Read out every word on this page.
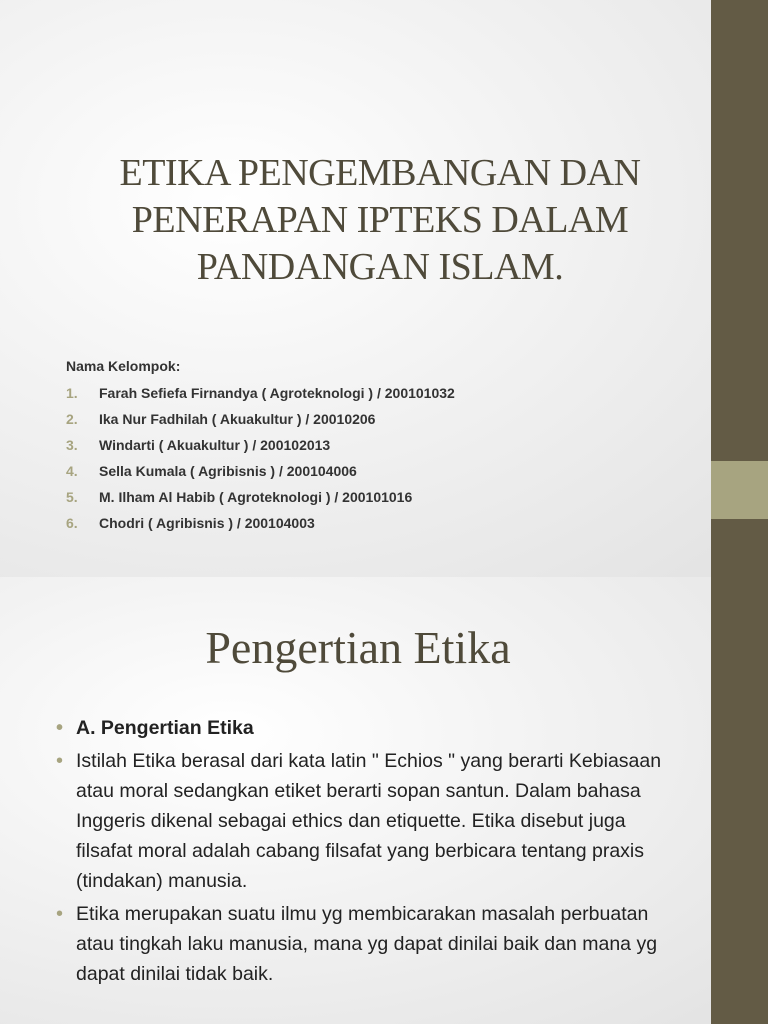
ETIKA PENGEMBANGAN DAN
PENERAPAN IPTEKS DALAM
PANDANGAN ISLAM.
Nama Kelompok:
1. Farah Sefiefa Firnandya ( Agroteknologi ) / 200101032
2. Ika Nur Fadhilah ( Akuakultur ) / 20010206
3. Windarti ( Akuakultur ) / 200102013
4. Sella Kumala ( Agribisnis ) / 200104006
5. M. Ilham Al Habib ( Agroteknologi ) / 200101016
6. Chodri ( Agribisnis ) / 200104003
Pengertian Etika
• A. Pengertian Etika
• Istilah Etika berasal dari kata latin " Echios " yang berarti Kebiasaan atau moral sedangkan etiket berarti sopan santun. Dalam bahasa Inggeris dikenal sebagai ethics dan etiquette. Etika disebut juga filsafat moral adalah cabang filsafat yang berbicara tentang praxis (tindakan) manusia.
• Etika merupakan suatu ilmu yg membicarakan masalah perbuatan atau tingkah laku manusia, mana yg dapat dinilai baik dan mana yg dapat dinilai tidak baik.
